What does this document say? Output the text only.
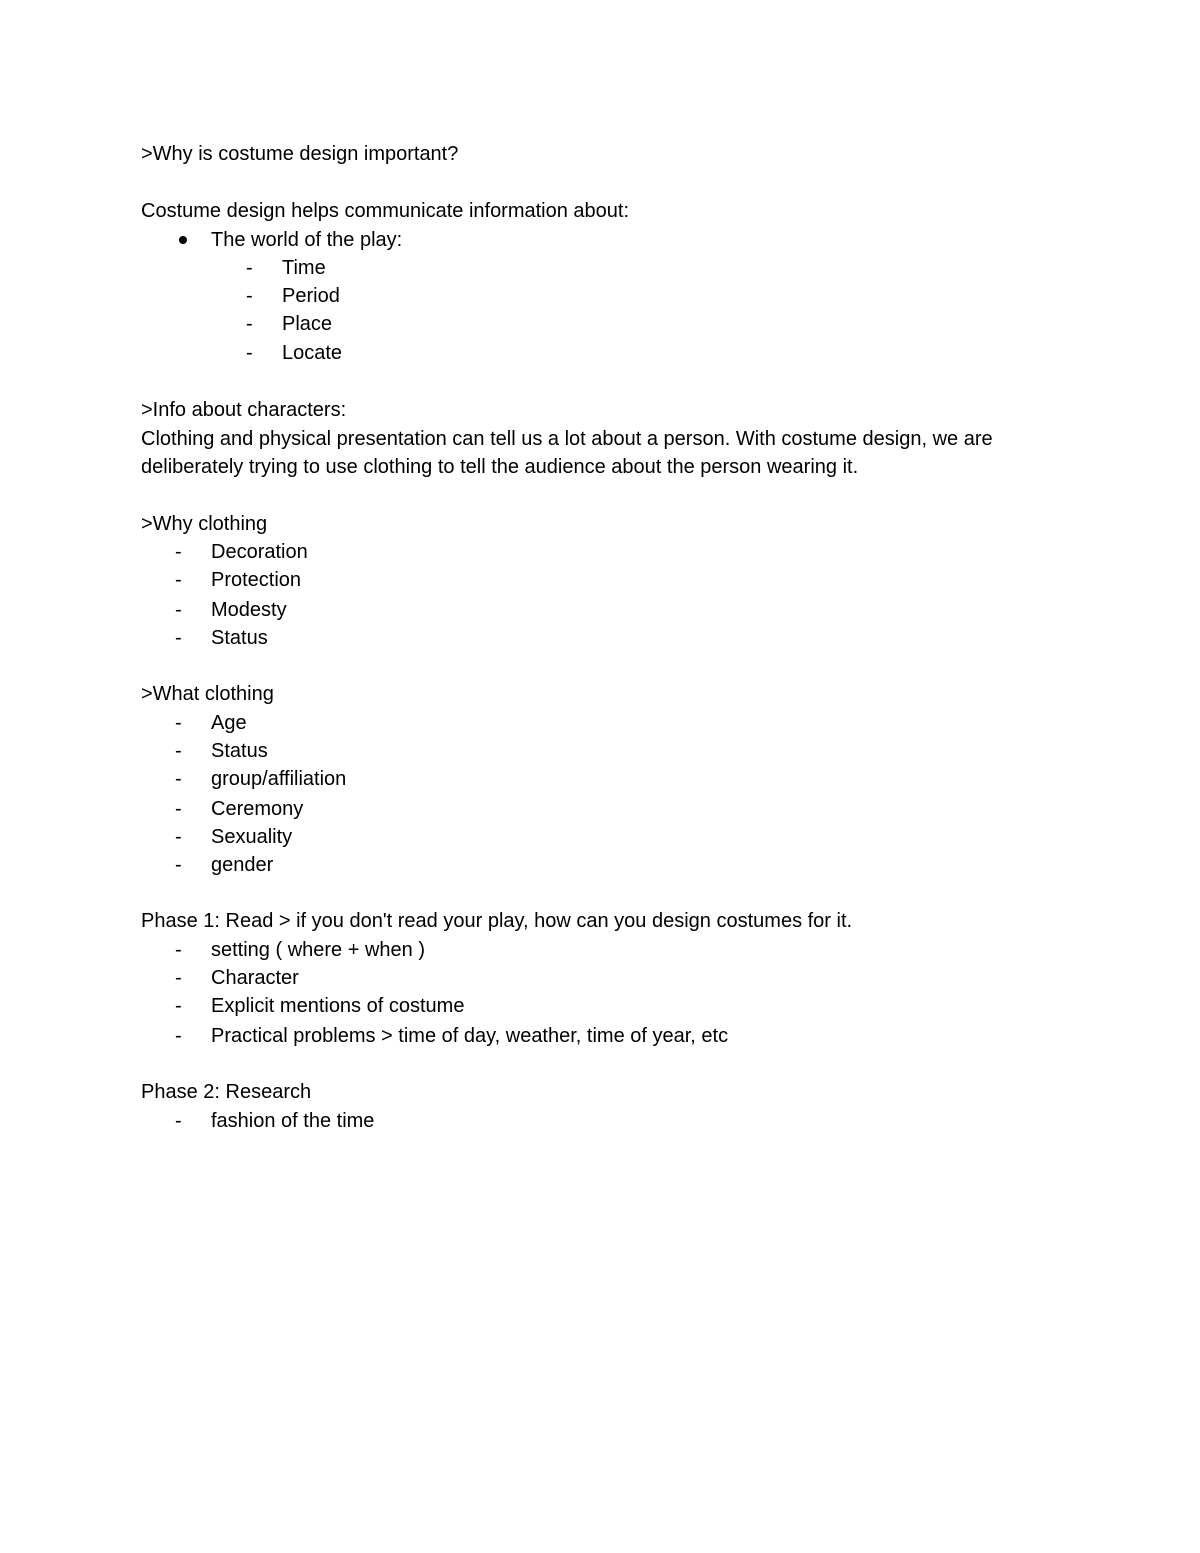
>Why is costume design important?
Costume design helps communicate information about:
The world of the play:
- Time
- Period
- Place
- Locate
>Info about characters:
Clothing and physical presentation can tell us a lot about a person. With costume design, we are deliberately trying to use clothing to tell the audience about the person wearing it.
>Why clothing
- Decoration
- Protection
- Modesty
- Status
>What clothing
- Age
- Status
- group/affiliation
- Ceremony
- Sexuality
- gender
Phase 1: Read > if you don't read your play, how can you design costumes for it.
- setting ( where + when )
- Character
- Explicit mentions of costume
- Practical problems > time of day, weather, time of year, etc
Phase 2: Research
- fashion of the time
